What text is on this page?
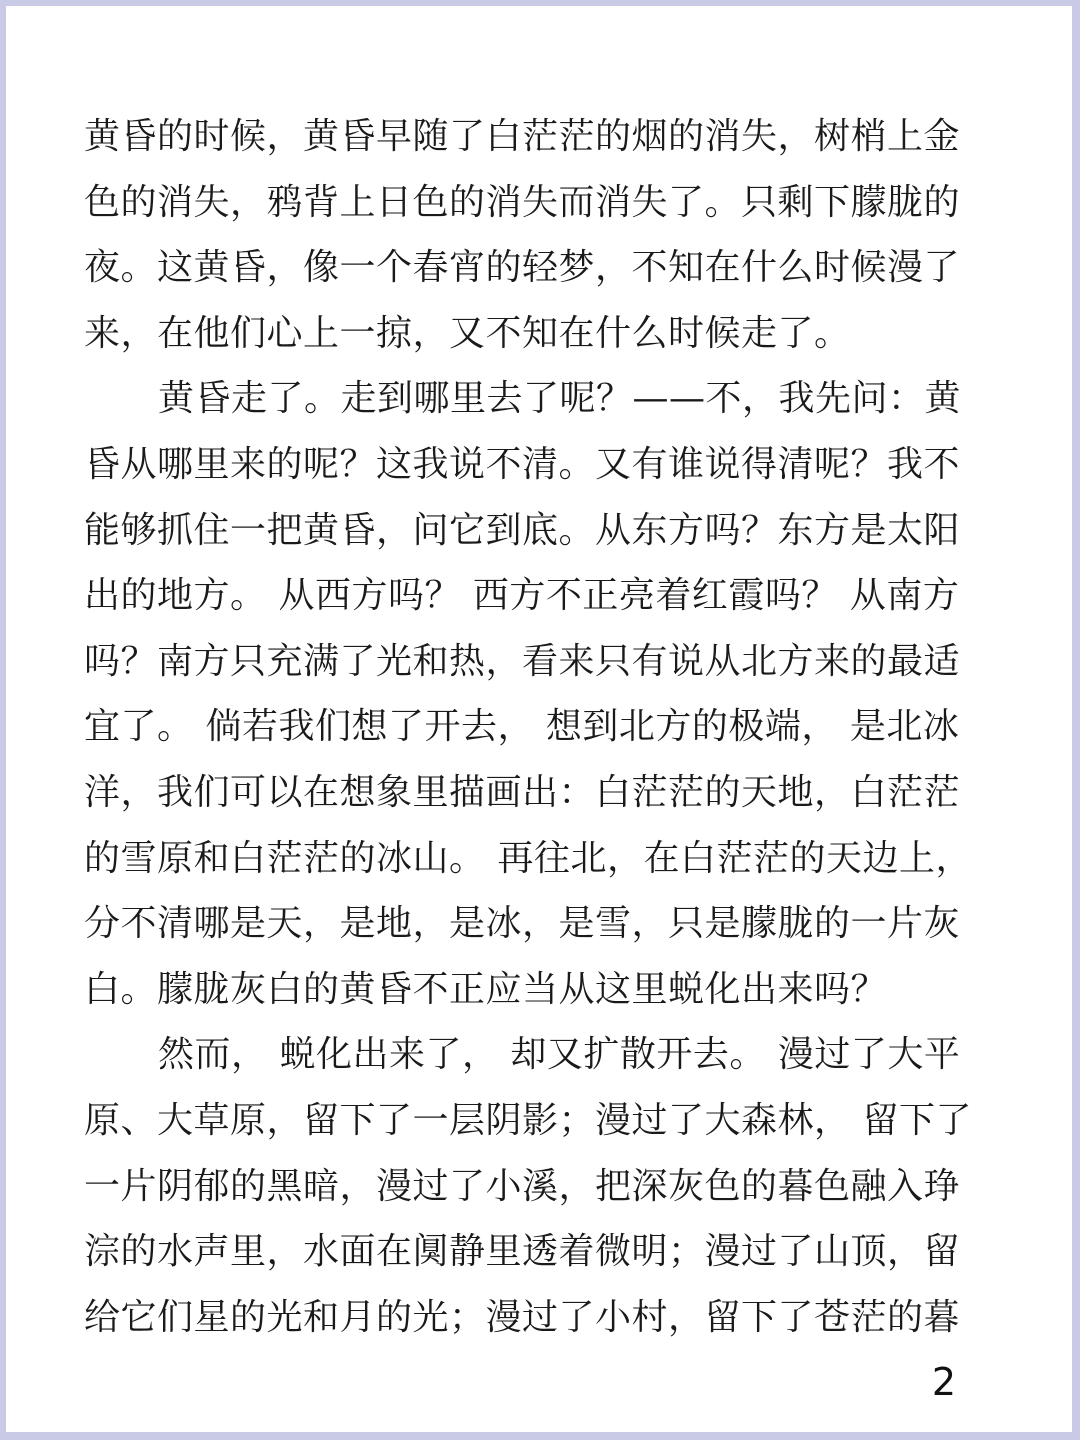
黄昏的时候，黄昏早随了白茫茫的烟的消失，树梢上金
色的消失，鸦背上日色的消失而消失了。只剩下朦胧的
夜。这黄昏，像一个春宵的轻梦，不知在什么时候漫了
来，在他们心上一掠，又不知在什么时候走了。
黄昏走了。走到哪里去了呢？——不，我先问：黄
昏从哪里来的呢？这我说不清。又有谁说得清呢？我不
能够抓住一把黄昏，问它到底。从东方吗？东方是太阳
出的地方。 从西方吗？ 西方不正亮着红霞吗？ 从南方
吗？南方只充满了光和热，看来只有说从北方来的最适
宜了。 倘若我们想了开去， 想到北方的极端， 是北冰
洋，我们可以在想象里描画出：白茫茫的天地，白茫茫
的雪原和白茫茫的冰山。 再往北，在白茫茫的天边上，
分不清哪是天，是地，是冰，是雪，只是朦胧的一片灰
白。朦胧灰白的黄昏不正应当从这里蜕化出来吗？
然而， 蜕化出来了， 却又扩散开去。 漫过了大平
原、大草原，留下了一层阴影；漫过了大森林， 留下了
一片阴郁的黑暗，漫过了小溪，把深灰色的暮色融入琤
淙的水声里，水面在阒静里透着微明；漫过了山顶，留
给它们星的光和月的光；漫过了小村，留下了苍茫的暮
2
